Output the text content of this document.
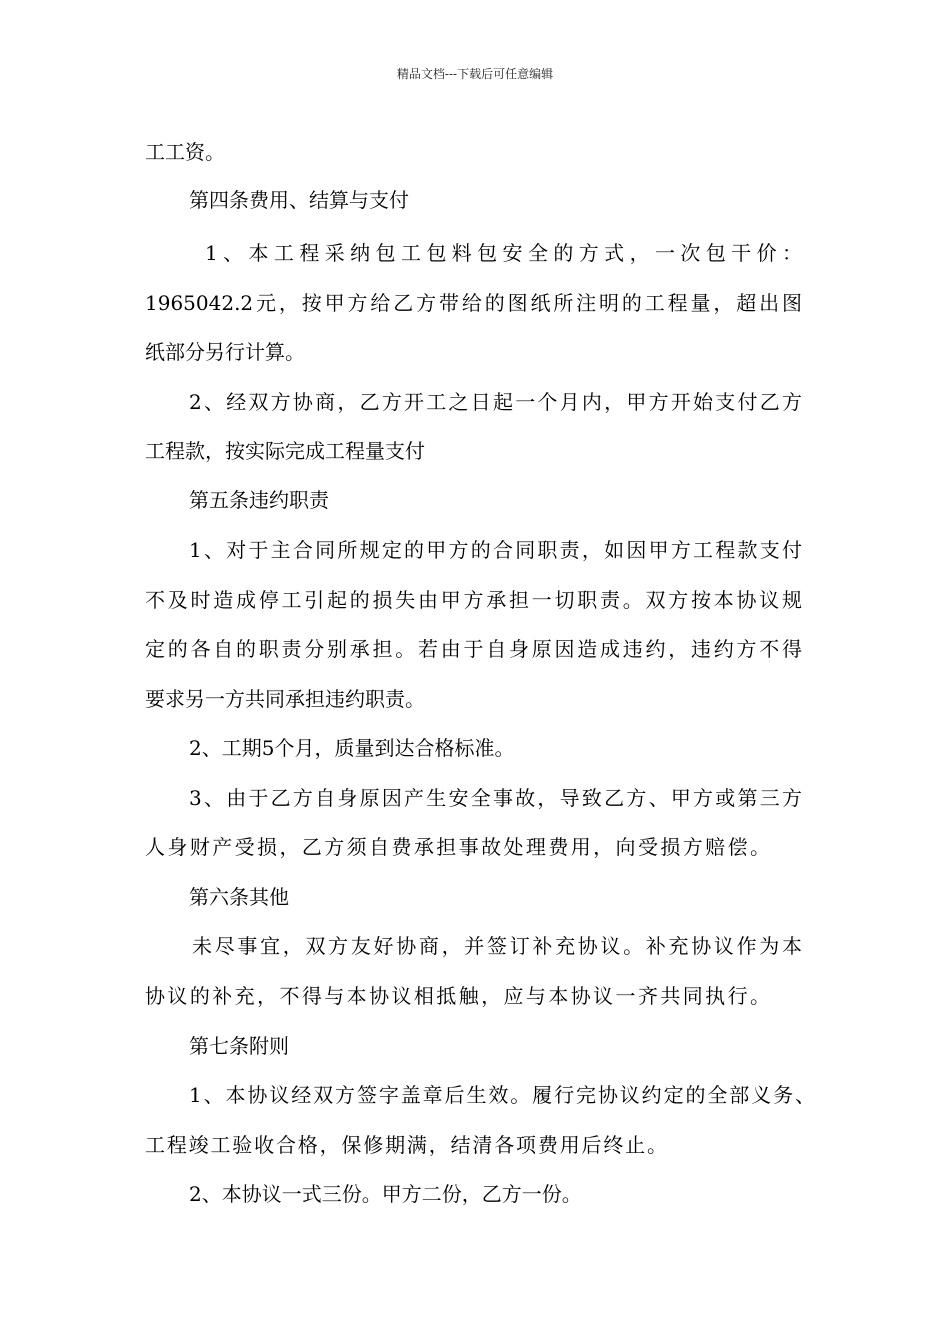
精品文档---下载后可任意编辑
工工资。
第四条费用、结算与支付
1、本工程采纳包工包料包安全的方式，一次包干价：
1965042.2元，按甲方给乙方带给的图纸所注明的工程量，超出图
纸部分另行计算。
2、经双方协商，乙方开工之日起一个月内，甲方开始支付乙方
工程款，按实际完成工程量支付
第五条违约职责
1、对于主合同所规定的甲方的合同职责，如因甲方工程款支付
不及时造成停工引起的损失由甲方承担一切职责。双方按本协议规
定的各自的职责分别承担。若由于自身原因造成违约，违约方不得
要求另一方共同承担违约职责。
2、工期5个月，质量到达合格标准。
3、由于乙方自身原因产生安全事故，导致乙方、甲方或第三方
人身财产受损，乙方须自费承担事故处理费用，向受损方赔偿。
第六条其他
未尽事宜，双方友好协商，并签订补充协议。补充协议作为本
协议的补充，不得与本协议相抵触，应与本协议一齐共同执行。
第七条附则
1、本协议经双方签字盖章后生效。履行完协议约定的全部义务、
工程竣工验收合格，保修期满，结清各项费用后终止。
2、本协议一式三份。甲方二份，乙方一份。
